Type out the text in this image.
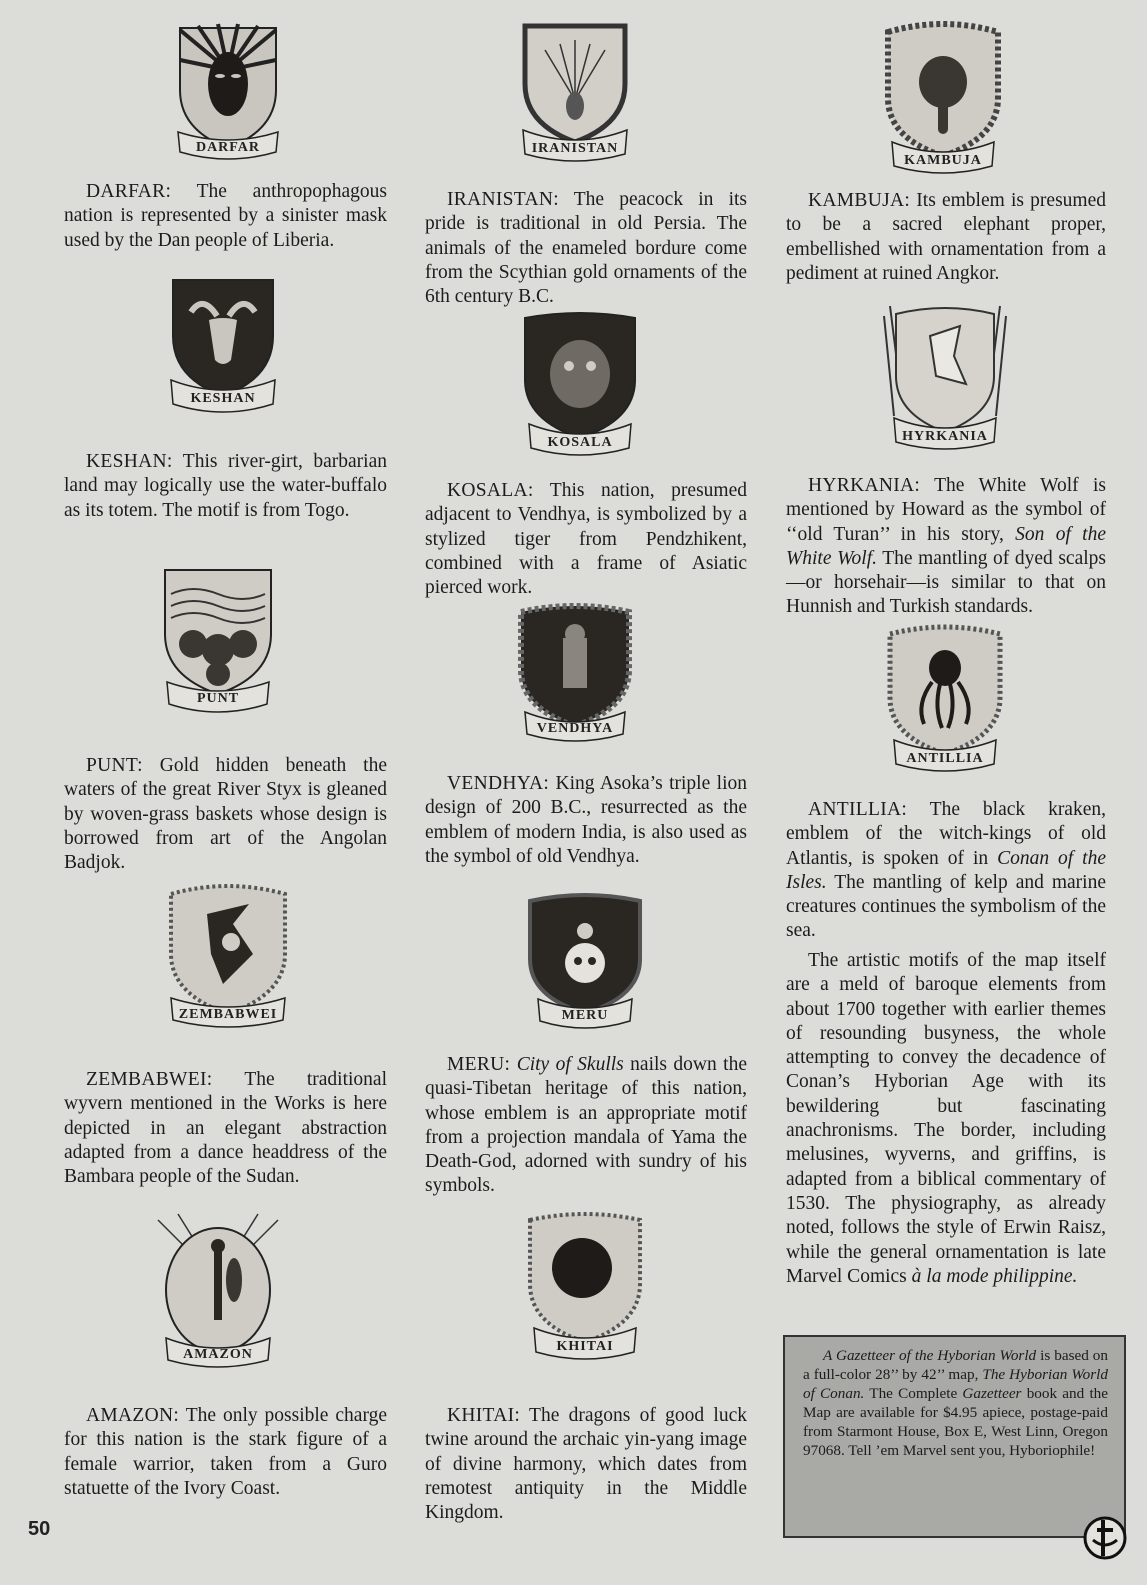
DARFAR

DARFAR: The anthropophagous nation is represented by a sinister mask used by the Dan people of Liberia.

KESHAN

KESHAN: This river-girt, barbarian land may logically use the water-buffalo as its totem. The motif is from Togo.

PUNT

PUNT: Gold hidden beneath the waters of the great River Styx is gleaned by woven-grass baskets whose design is borrowed from art of the Angolan Badjok.

ZEMBABWEI

ZEMBABWEI: The traditional wyvern mentioned in the Works is here depicted in an elegant abstraction adapted from a dance headdress of the Bambara people of the Sudan.

AMAZON

AMAZON: The only possible charge for this nation is the stark figure of a female warrior, taken from a Guro statuette of the Ivory Coast.

50
IRANISTAN

IRANISTAN: The peacock in its pride is traditional in old Persia. The animals of the enameled bordure come from the Scythian gold ornaments of the 6th century B.C.

KOSALA

KOSALA: This nation, presumed adjacent to Vendhya, is symbolized by a stylized tiger from Pendzhikent, combined with a frame of Asiatic pierced work.

VENDHYA

VENDHYA: King Asoka’s triple lion design of 200 B.C., resurrected as the emblem of modern India, is also used as the symbol of old Vendhya.

MERU

MERU: City of Skulls nails down the quasi-Tibetan heritage of this nation, whose emblem is an appropriate motif from a projection mandala of Yama the Death-God, adorned with sundry of his symbols.

KHITAI

KHITAI: The dragons of good luck twine around the archaic yin-yang image of divine harmony, which dates from remotest antiquity in the Middle Kingdom.

KAMBUJA

KAMBUJA: Its emblem is presumed to be a sacred elephant proper, embellished with ornamentation from a pediment at ruined Angkor.

HYRKANIA

HYRKANIA: The White Wolf is mentioned by Howard as the symbol of ‘‘old Turan’’ in his story, Son of the White Wolf. The mantling of dyed scalps—or horsehair—is similar to that on Hunnish and Turkish standards.

ANTILLIA

ANTILLIA: The black kraken, emblem of the witch-kings of old Atlantis, is spoken of in Conan of the Isles. The mantling of kelp and marine creatures continues the symbolism of the sea.

The artistic motifs of the map itself are a meld of baroque elements from about 1700 together with earlier themes of resounding busyness, the whole attempting to convey the decadence of Conan’s Hyborian Age with its bewildering but fascinating anachronisms. The border, including melusines, wyverns, and griffins, is adapted from a biblical commentary of 1530. The physiography, as already noted, follows the style of Erwin Raisz, while the general ornamentation is late Marvel Comics à la mode philippine.

A Gazetteer of the Hyborian World is based on a full-color 28’’ by 42’’ map, The Hyborian World of Conan. The Complete Gazetteer book and the Map are available for $4.95 apiece, postage-paid from Starmont House, Box E, West Linn, Oregon 97068. Tell ’em Marvel sent you, Hyboriophile!
